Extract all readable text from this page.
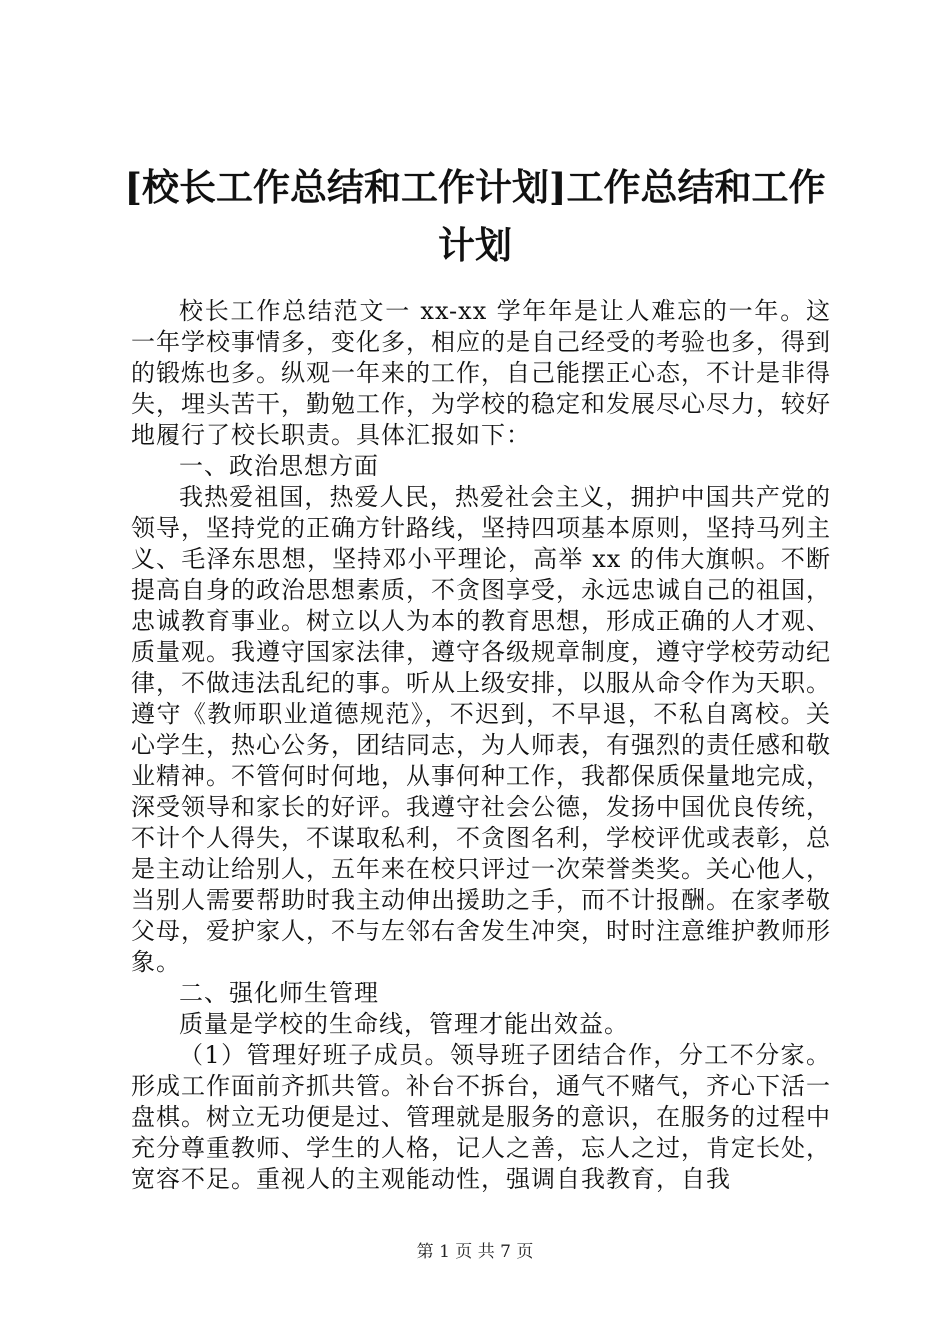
[校长工作总结和工作计划]工作总结和工作计划

校长工作总结范文一 xx-xx 学年年是让人难忘的一年。这一年学校事情多，变化多，相应的是自己经受的考验也多，得到的锻炼也多。纵观一年来的工作，自己能摆正心态，不计是非得失，埋头苦干，勤勉工作，为学校的稳定和发展尽心尽力，较好地履行了校长职责。具体汇报如下：

一、政治思想方面

我热爱祖国，热爱人民，热爱社会主义，拥护中国共产党的领导，坚持党的正确方针路线，坚持四项基本原则，坚持马列主义、毛泽东思想，坚持邓小平理论，高举 xx 的伟大旗帜。不断提高自身的政治思想素质，不贪图享受，永远忠诚自己的祖国，忠诚教育事业。树立以人为本的教育思想，形成正确的人才观、质量观。我遵守国家法律，遵守各级规章制度，遵守学校劳动纪律，不做违法乱纪的事。听从上级安排，以服从命令作为天职。遵守《教师职业道德规范》，不迟到，不早退，不私自离校。关心学生，热心公务，团结同志，为人师表，有强烈的责任感和敬业精神。不管何时何地，从事何种工作，我都保质保量地完成，深受领导和家长的好评。我遵守社会公德，发扬中国优良传统，不计个人得失，不谋取私利，不贪图名利，学校评优或表彰，总是主动让给别人，五年来在校只评过一次荣誉类奖。关心他人，当别人需要帮助时我主动伸出援助之手，而不计报酬。在家孝敬父母，爱护家人，不与左邻右舍发生冲突，时时注意维护教师形象。

二、强化师生管理

质量是学校的生命线，管理才能出效益。

（1）管理好班子成员。领导班子团结合作，分工不分家。形成工作面前齐抓共管。补台不拆台，通气不赌气，齐心下活一盘棋。树立无功便是过、管理就是服务的意识，在服务的过程中充分尊重教师、学生的人格，记人之善，忘人之过，肯定长处，宽容不足。重视人的主观能动性，强调自我教育，自我

第 1 页 共 7 页
